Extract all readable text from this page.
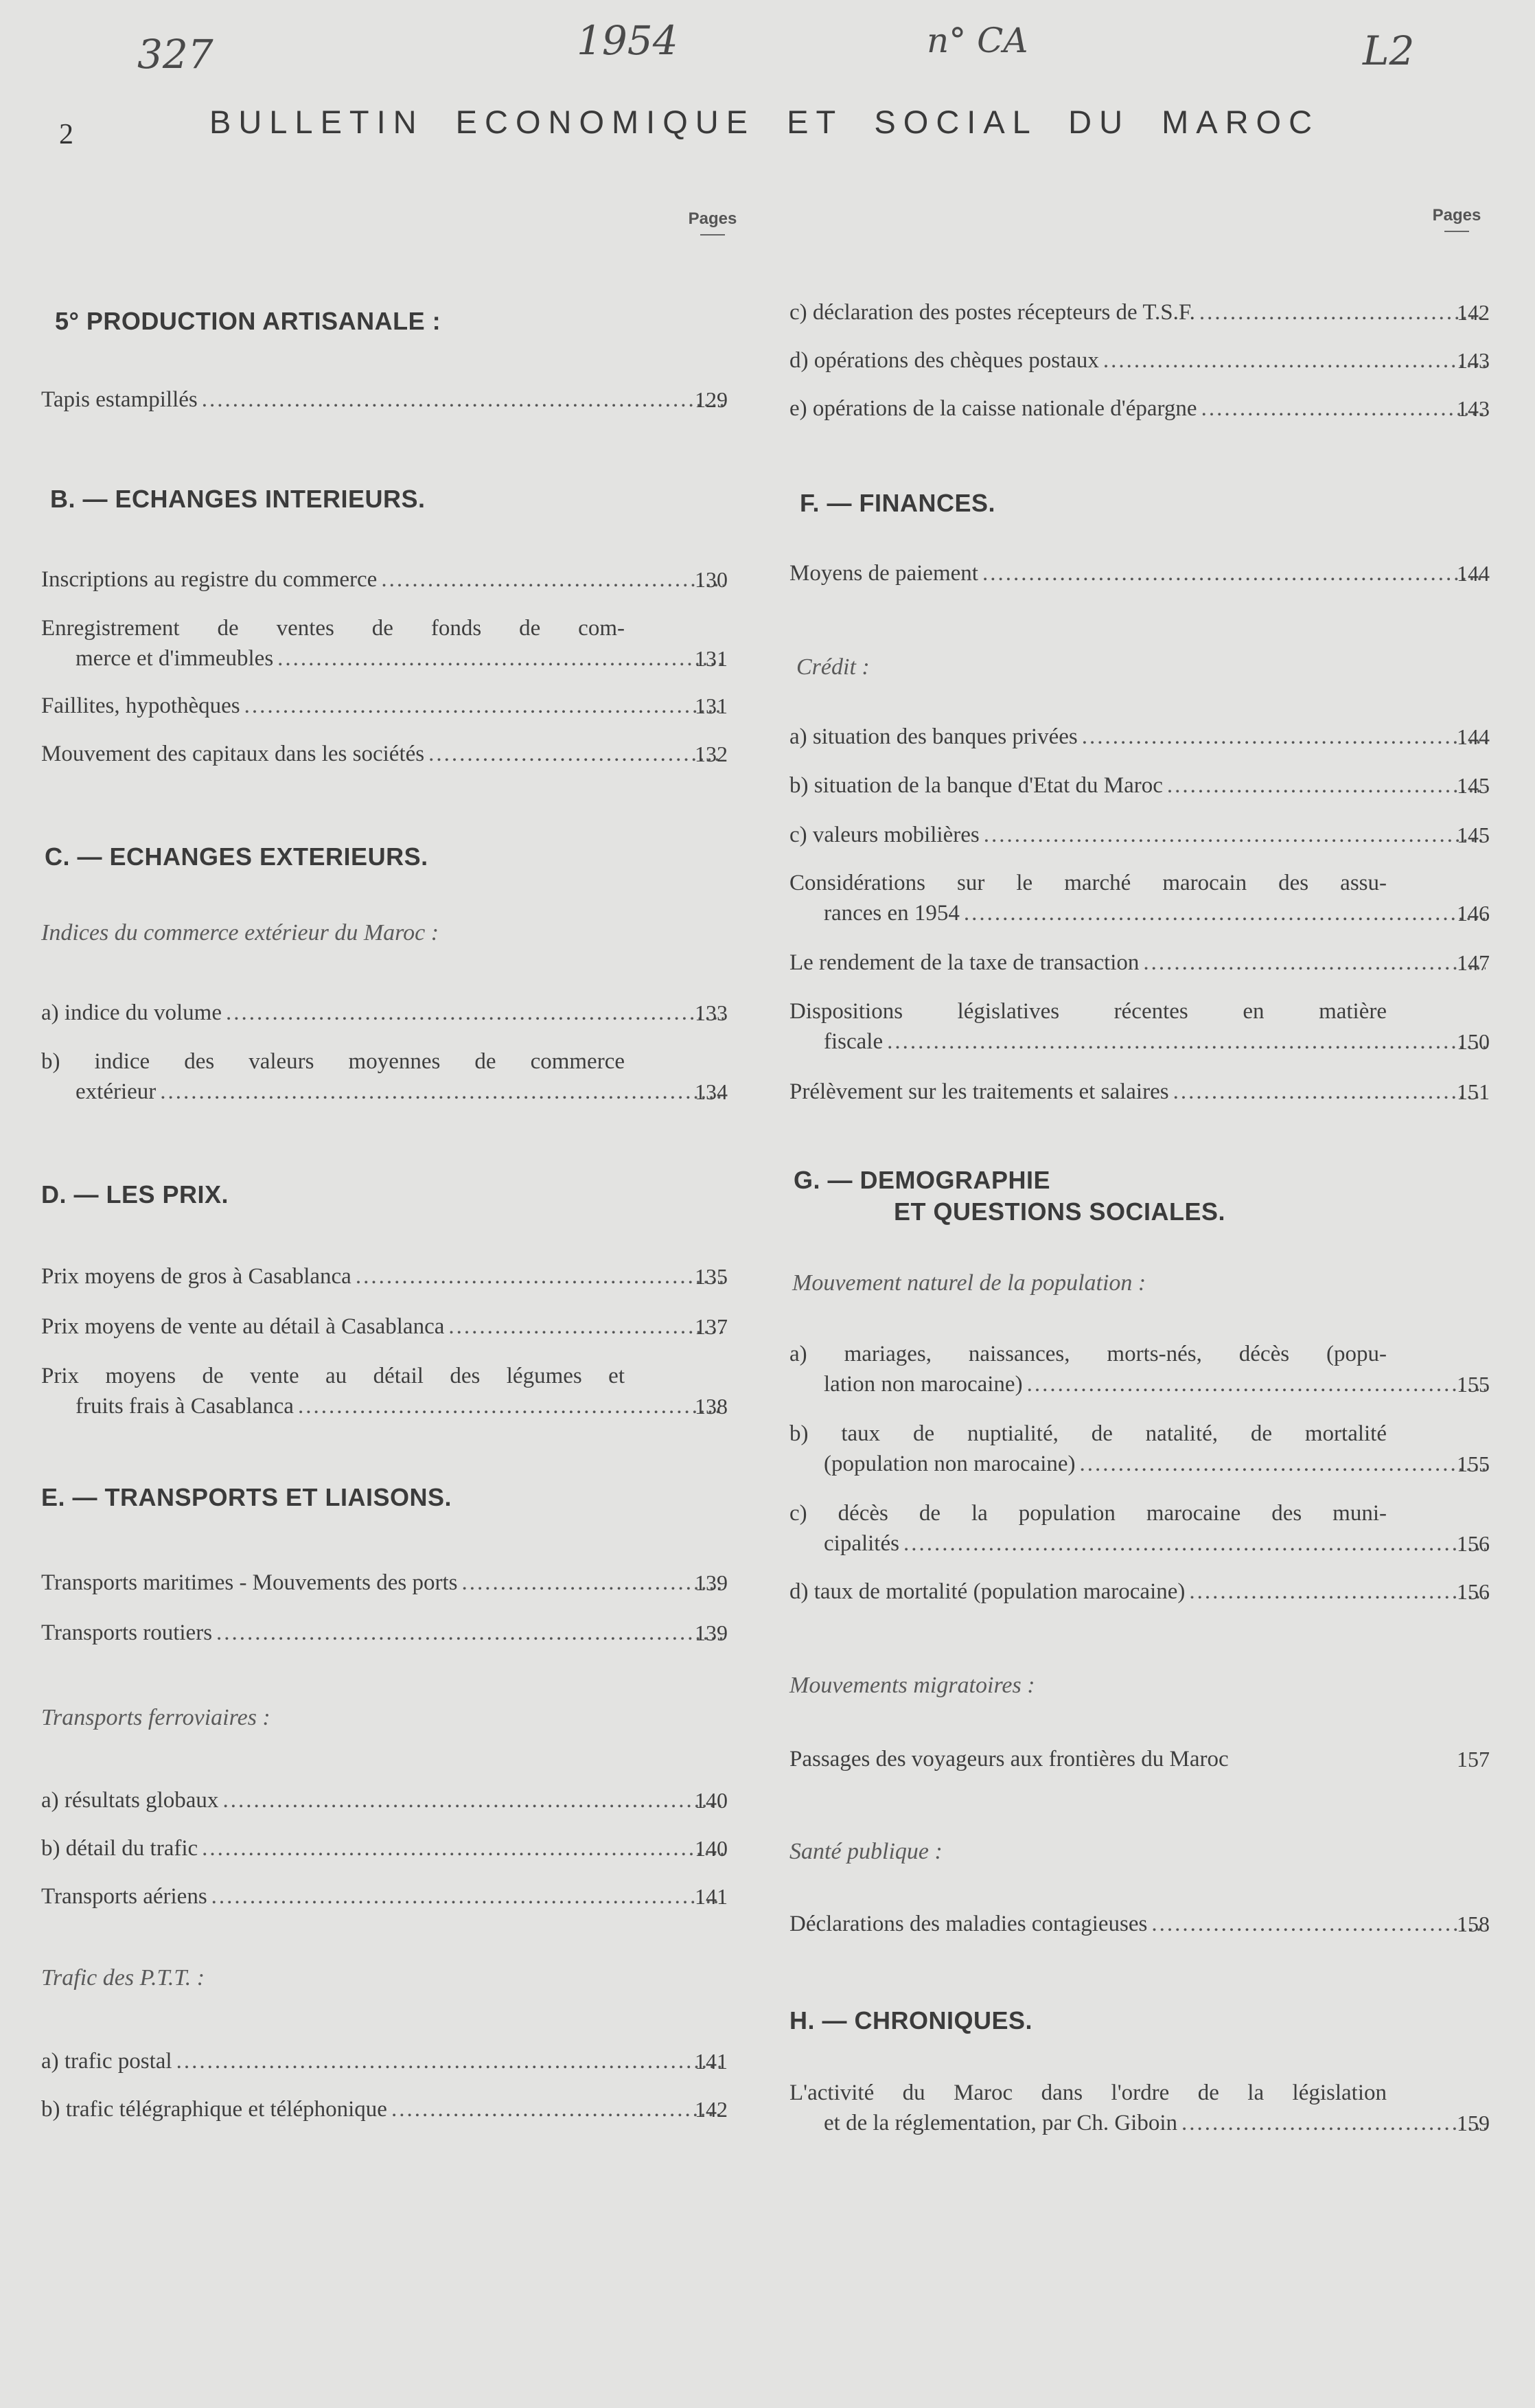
327	1954	n° CA	L2
2	BULLETIN ECONOMIQUE ET SOCIAL DU MAROC
Pages	Pages
5° PRODUCTION ARTISANALE :
Tapis estampillés .....	129
B. — ECHANGES INTERIEURS.
Inscriptions au registre du commerce .....	130
Enregistrement de ventes de fonds de com-
merce et d'immeubles .....	131
Faillites, hypothèques .....	131
Mouvement des capitaux dans les sociétés .....	132
C. — ECHANGES EXTERIEURS.
Indices du commerce extérieur du Maroc :
a) indice du volume .....	133
b) indice des valeurs moyennes de commerce
extérieur .....	134
D. — LES PRIX.
Prix moyens de gros à Casablanca .....	135
Prix moyens de vente au détail à Casablanca .....	137
Prix moyens de vente au détail des légumes et
fruits frais à Casablanca .....	138
E. — TRANSPORTS ET LIAISONS.
Transports maritimes - Mouvements des ports .....	139
Transports routiers .....	139
Transports ferroviaires :
a) résultats globaux .....	140
b) détail du trafic .....	140
Transports aériens .....	141
Trafic des P.T.T. :
a) trafic postal .....	141
b) trafic télégraphique et téléphonique .....	142
c) déclaration des postes récepteurs de T.S.F. .....	142
d) opérations des chèques postaux .....	143
e) opérations de la caisse nationale d'épargne .....	143
F. — FINANCES.
Moyens de paiement .....	144
Crédit :
a) situation des banques privées .....	144
b) situation de la banque d'Etat du Maroc .....	145
c) valeurs mobilières .....	145
Considérations sur le marché marocain des assu-
rances en 1954 .....	146
Le rendement de la taxe de transaction .....	147
Dispositions législatives récentes en matière
fiscale .....	150
Prélèvement sur les traitements et salaires .....	151
G. — DEMOGRAPHIE
ET QUESTIONS SOCIALES.
Mouvement naturel de la population :
a) mariages, naissances, morts-nés, décès (popu-
lation non marocaine) .....	155
b) taux de nuptialité, de natalité, de mortalité
(population non marocaine) .....	155
c) décès de la population marocaine des muni-
cipalités .....	156
d) taux de mortalité (population marocaine) .....	156
Mouvements migratoires :
Passages des voyageurs aux frontières du Maroc	157
Santé publique :
Déclarations des maladies contagieuses .....	158
H. — CHRONIQUES.
L'activité du Maroc dans l'ordre de la législation
et de la réglementation, par Ch. Giboin .....	159
